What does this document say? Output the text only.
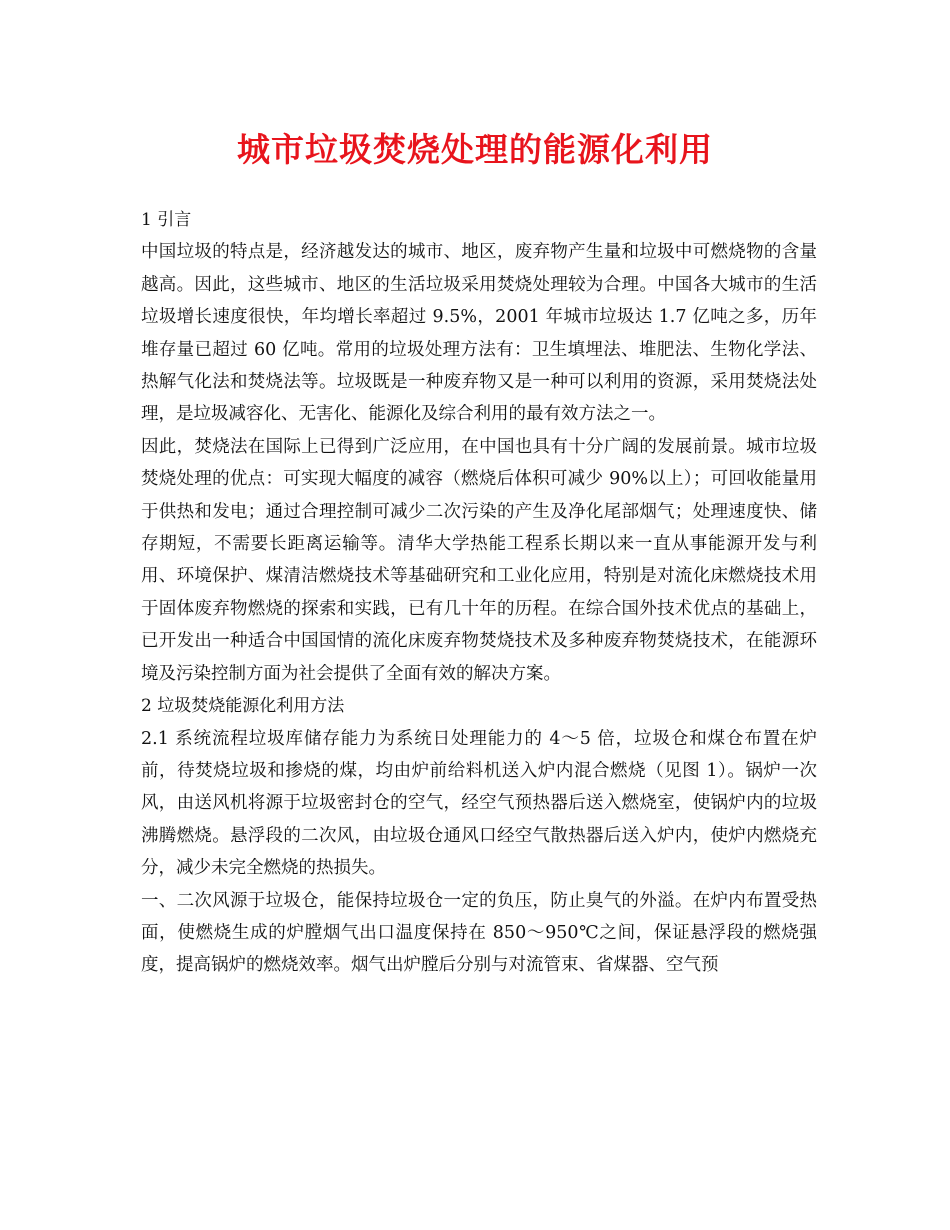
城市垃圾焚烧处理的能源化利用

1 引言

中国垃圾的特点是，经济越发达的城市、地区，废弃物产生量和垃圾中可燃烧物的含量越高。因此，这些城市、地区的生活垃圾采用焚烧处理较为合理。中国各大城市的生活垃圾增长速度很快，年均增长率超过 9.5%，2001 年城市垃圾达 1.7 亿吨之多，历年堆存量已超过 60 亿吨。常用的垃圾处理方法有：卫生填埋法、堆肥法、生物化学法、热解气化法和焚烧法等。垃圾既是一种废弃物又是一种可以利用的资源，采用焚烧法处理，是垃圾减容化、无害化、能源化及综合利用的最有效方法之一。

因此，焚烧法在国际上已得到广泛应用，在中国也具有十分广阔的发展前景。城市垃圾焚烧处理的优点：可实现大幅度的减容（燃烧后体积可减少 90%以上）；可回收能量用于供热和发电；通过合理控制可减少二次污染的产生及净化尾部烟气；处理速度快、储存期短，不需要长距离运输等。清华大学热能工程系长期以来一直从事能源开发与利用、环境保护、煤清洁燃烧技术等基础研究和工业化应用，特别是对流化床燃烧技术用于固体废弃物燃烧的探索和实践，已有几十年的历程。在综合国外技术优点的基础上，已开发出一种适合中国国情的流化床废弃物焚烧技术及多种废弃物焚烧技术，在能源环境及污染控制方面为社会提供了全面有效的解决方案。

2 垃圾焚烧能源化利用方法

2.1 系统流程垃圾库储存能力为系统日处理能力的 4～5 倍，垃圾仓和煤仓布置在炉前，待焚烧垃圾和掺烧的煤，均由炉前给料机送入炉内混合燃烧（见图 1）。锅炉一次风，由送风机将源于垃圾密封仓的空气，经空气预热器后送入燃烧室，使锅炉内的垃圾沸腾燃烧。悬浮段的二次风，由垃圾仓通风口经空气散热器后送入炉内，使炉内燃烧充分，减少未完全燃烧的热损失。

一、二次风源于垃圾仓，能保持垃圾仓一定的负压，防止臭气的外溢。在炉内布置受热面，使燃烧生成的炉膛烟气出口温度保持在 850～950℃之间，保证悬浮段的燃烧强度，提高锅炉的燃烧效率。烟气出炉膛后分别与对流管束、省煤器、空气预
